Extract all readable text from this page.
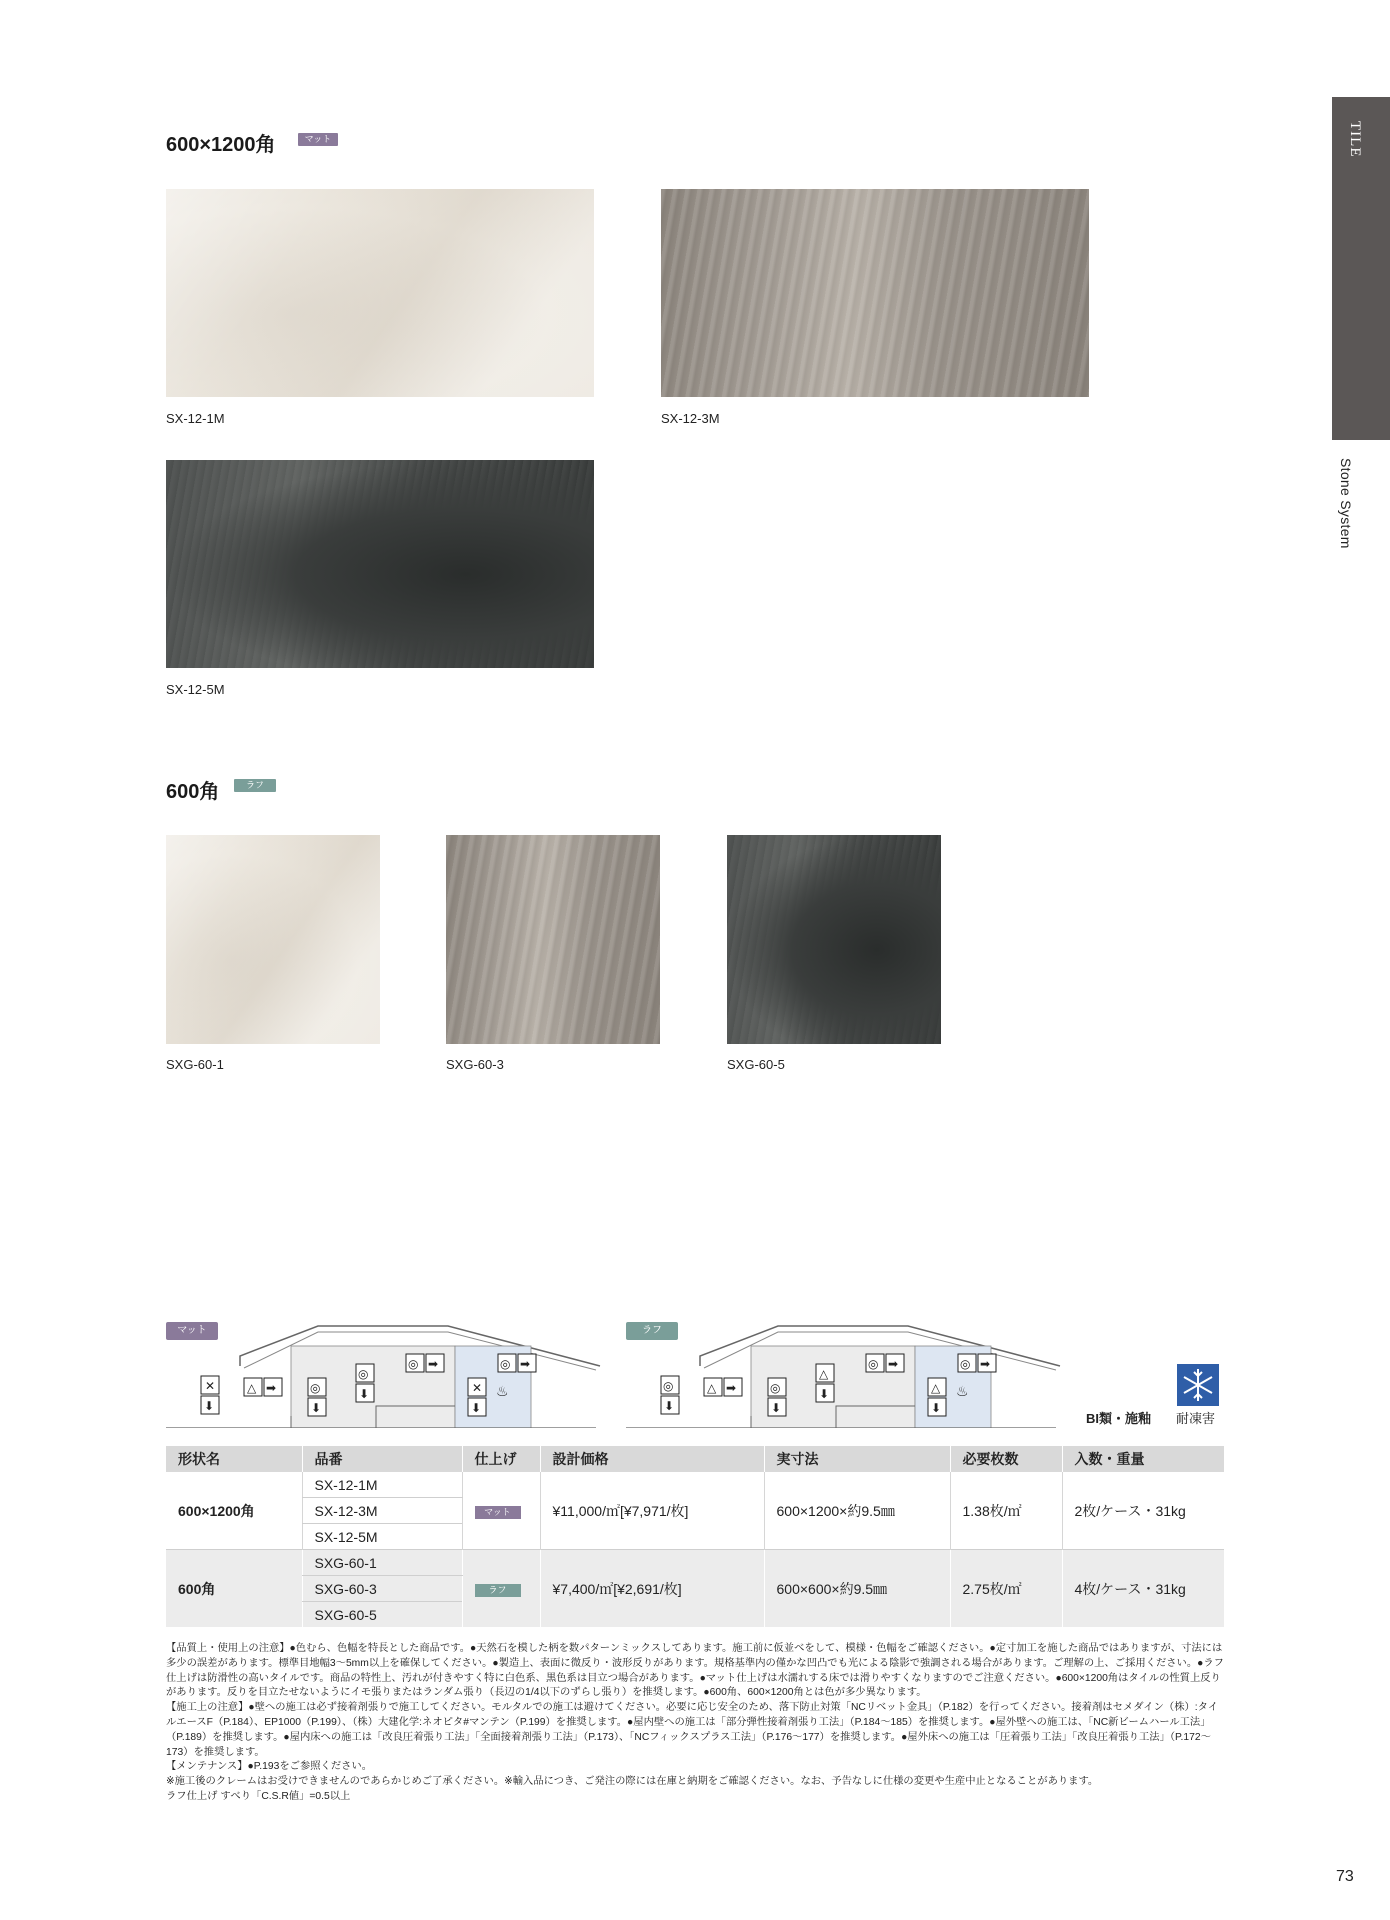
TILE
Stone System
600×1200角	マット
SX-12-1M	SX-12-3M
SX-12-5M
600角	ラフ
SXG-60-1	SXG-60-3	SXG-60-5
マット	ラフ
✕
⬇
△ ➡	◎
⬇
◎
⬇
◎ ➡
✕
⬇
◎ ➡
♨	◎
⬇
△ ➡	◎
⬇
△
⬇
◎ ➡
△
⬇
◎ ➡
♨
BI類・施釉 耐凍害
形状名	品番	仕上げ	設計価格	実寸法	必要枚数	入数・重量
600×1200角	SX-12-1M	マット	¥11,000/㎡[¥7,971/枚]	600×1200×約9.5㎜	1.38枚/㎡	2枚/ケース・31kg
	SX-12-3M					
	SX-12-5M					
600角	SXG-60-1	ラフ	¥7,400/㎡[¥2,691/枚]	600×600×約9.5㎜	2.75枚/㎡	4枚/ケース・31kg
	SXG-60-3					
	SXG-60-5					

【品質上・使用上の注意】●色むら、色幅を特長とした商品です。●天然石を模した柄を数パターンミックスしてあります。施工前に仮並べをして、模様・色幅をご確認ください。●定寸加工を施した商品ではありますが、寸法には多少の誤差があります。標準目地幅3～5mm以上を確保してください。●製造上、表面に微反り・波形反りがあります。規格基準内の僅かな凹凸でも光による陰影で強調される場合があります。ご理解の上、ご採用ください。●ラフ仕上げは防滑性の高いタイルです。商品の特性上、汚れが付きやすく特に白色系、黒色系は目立つ場合があります。●マット仕上げは水濡れする床では滑りやすくなりますのでご注意ください。●600×1200角はタイルの性質上反りがあります。反りを目立たせないようにイモ張りまたはランダム張り（長辺の1/4以下のずらし張り）を推奨します。●600角、600×1200角とは色が多少異なります。

【施工上の注意】●壁への施工は必ず接着剤張りで施工してください。モルタルでの施工は避けてください。必要に応じ安全のため、落下防止対策「NCリベット金具」（P.182）を行ってください。接着剤はセメダイン（株）:タイルエースF（P.184）、EP1000（P.199）、（株）大建化学:ネオピタ#マンテン（P.199）を推奨します。●屋内壁への施工は「部分弾性接着剤張り工法」（P.184～185）を推奨します。●屋外壁への施工は、「NC新ビームハール工法」（P.189）を推奨します。●屋内床への施工は「改良圧着張り工法」「全面接着剤張り工法」（P.173）、「NCフィックスプラス工法」（P.176～177）を推奨します。●屋外床への施工は「圧着張り工法」「改良圧着張り工法」（P.172～173）を推奨します。

【メンテナンス】●P.193をご参照ください。

※施工後のクレームはお受けできませんのであらかじめご了承ください。※輸入品につき、ご発注の際には在庫と納期をご確認ください。なお、予告なしに仕様の変更や生産中止となることがあります。

ラフ仕上げ すべり「C.S.R値」=0.5以上

73
